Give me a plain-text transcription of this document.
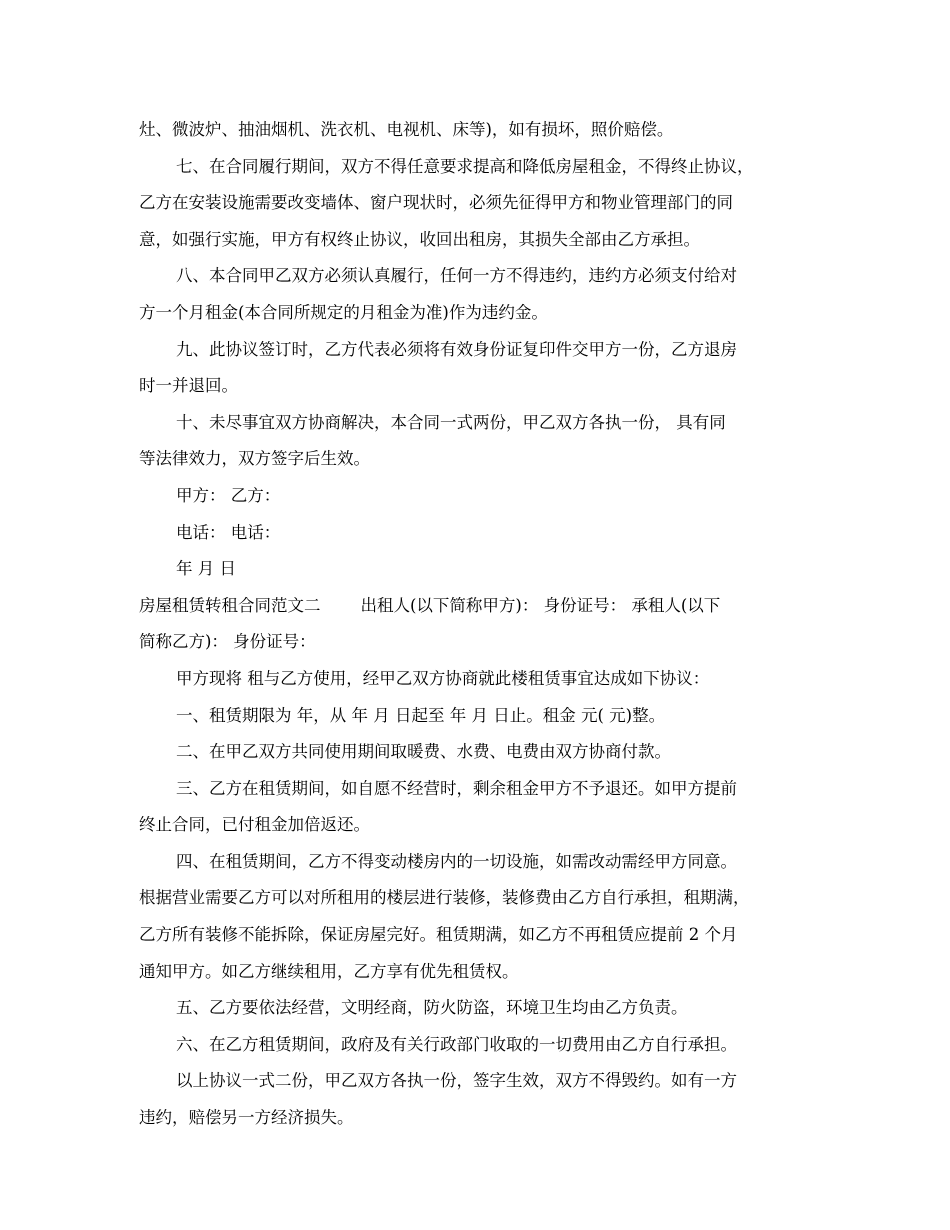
灶、微波炉、抽油烟机、洗衣机、电视机、床等)，如有损坏，照价赔偿。
七、在合同履行期间，双方不得任意要求提高和降低房屋租金，不得终止协议，
乙方在安装设施需要改变墙体、窗户现状时，必须先征得甲方和物业管理部门的同
意，如强行实施，甲方有权终止协议，收回出租房，其损失全部由乙方承担。
八、本合同甲乙双方必须认真履行，任何一方不得违约，违约方必须支付给对
方一个月租金(本合同所规定的月租金为准)作为违约金。
九、此协议签订时，乙方代表必须将有效身份证复印件交甲方一份，乙方退房
时一并退回。
十、未尽事宜双方协商解决，本合同一式两份，甲乙双方各执一份， 具有同
等法律效力，双方签字后生效。
甲方： 乙方：
电话： 电话：
年 月 日
房屋租赁转租合同范文二 出租人(以下简称甲方)： 身份证号： 承租人(以下
简称乙方)： 身份证号：
甲方现将 租与乙方使用，经甲乙双方协商就此楼租赁事宜达成如下协议：
一、租赁期限为 年，从 年 月 日起至 年 月 日止。租金 元( 元)整。
二、在甲乙双方共同使用期间取暖费、水费、电费由双方协商付款。
三、乙方在租赁期间，如自愿不经营时，剩余租金甲方不予退还。如甲方提前
终止合同，已付租金加倍返还。
四、在租赁期间，乙方不得变动楼房内的一切设施，如需改动需经甲方同意。
根据营业需要乙方可以对所租用的楼层进行装修，装修费由乙方自行承担，租期满，
乙方所有装修不能拆除，保证房屋完好。租赁期满，如乙方不再租赁应提前 2 个月
通知甲方。如乙方继续租用，乙方享有优先租赁权。
五、乙方要依法经营，文明经商，防火防盗，环境卫生均由乙方负责。
六、在乙方租赁期间，政府及有关行政部门收取的一切费用由乙方自行承担。
以上协议一式二份，甲乙双方各执一份，签字生效，双方不得毁约。如有一方
违约，赔偿另一方经济损失。
